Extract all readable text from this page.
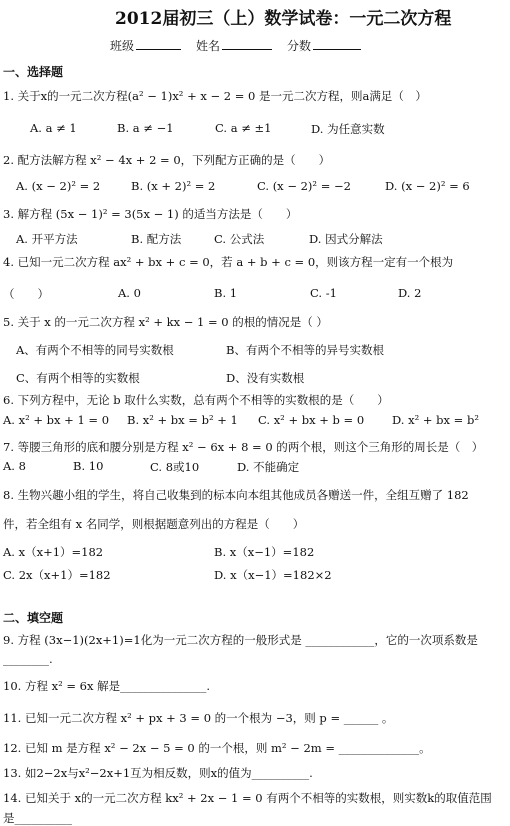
2012届初三（上）数学试卷：一元二次方程
班级	姓名	分数
一、选择题
1. 关于x的一元二次方程(a² − 1)x² + x − 2 = 0 是一元二次方程，则a满足（　）
A. a ≠ 1	B. a ≠ −1	C. a ≠ ±1	D. 为任意实数
2. 配方法解方程 x² − 4x + 2 = 0，下列配方正确的是（　　）
A. (x − 2)² = 2	B. (x + 2)² = 2	C. (x − 2)² = −2	D. (x − 2)² = 6
3. 解方程 (5x − 1)² = 3(5x − 1) 的适当方法是（　　）
A. 开平方法	B. 配方法	C. 公式法	D. 因式分解法
4. 已知一元二次方程 ax² + bx + c = 0，若 a + b + c = 0，则该方程一定有一个根为
（　　）	A. 0	B. 1	C. -1	D. 2
5. 关于 x 的一元二次方程 x² + kx − 1 = 0 的根的情况是（ ）
A、有两个不相等的同号实数根	B、有两个不相等的异号实数根
C、有两个相等的实数根	D、没有实数根
6. 下列方程中，无论 b 取什么实数，总有两个不相等的实数根的是（　　）
A. x² + bx + 1 = 0 B. x² + bx = b² + 1 C. x² + bx + b = 0 D. x² + bx = b²
7. 等腰三角形的底和腰分别是方程 x² − 6x + 8 = 0 的两个根，则这个三角形的周长是（　）
A. 8	B. 10	C. 8或10	D. 不能确定
8. 生物兴趣小组的学生，将自己收集到的标本向本组其他成员各赠送一件，全组互赠了 182
件，若全组有 x 名同学，则根据题意列出的方程是（　　）
A. x（x+1）=182	B. x（x−1）=182
C. 2x（x+1）=182	D. x（x−1）=182×2
二、填空题
9. 方程 (3x−1)(2x+1)=1化为一元二次方程的一般形式是 ____________，它的一次项系数是
________.
10. 方程 x² = 6x 解是_______________.
11. 已知一元二次方程 x² + px + 3 = 0 的一个根为 −3，则 p = ______ 。
12. 已知 m 是方程 x² − 2x − 5 = 0 的一个根，则 m² − 2m = ______________。
13. 如2−2x与x²−2x+1互为相反数，则x的值为__________.
14. 已知关于 x的一元二次方程 kx² + 2x − 1 = 0 有两个不相等的实数根，则实数k的取值范围
是__________
